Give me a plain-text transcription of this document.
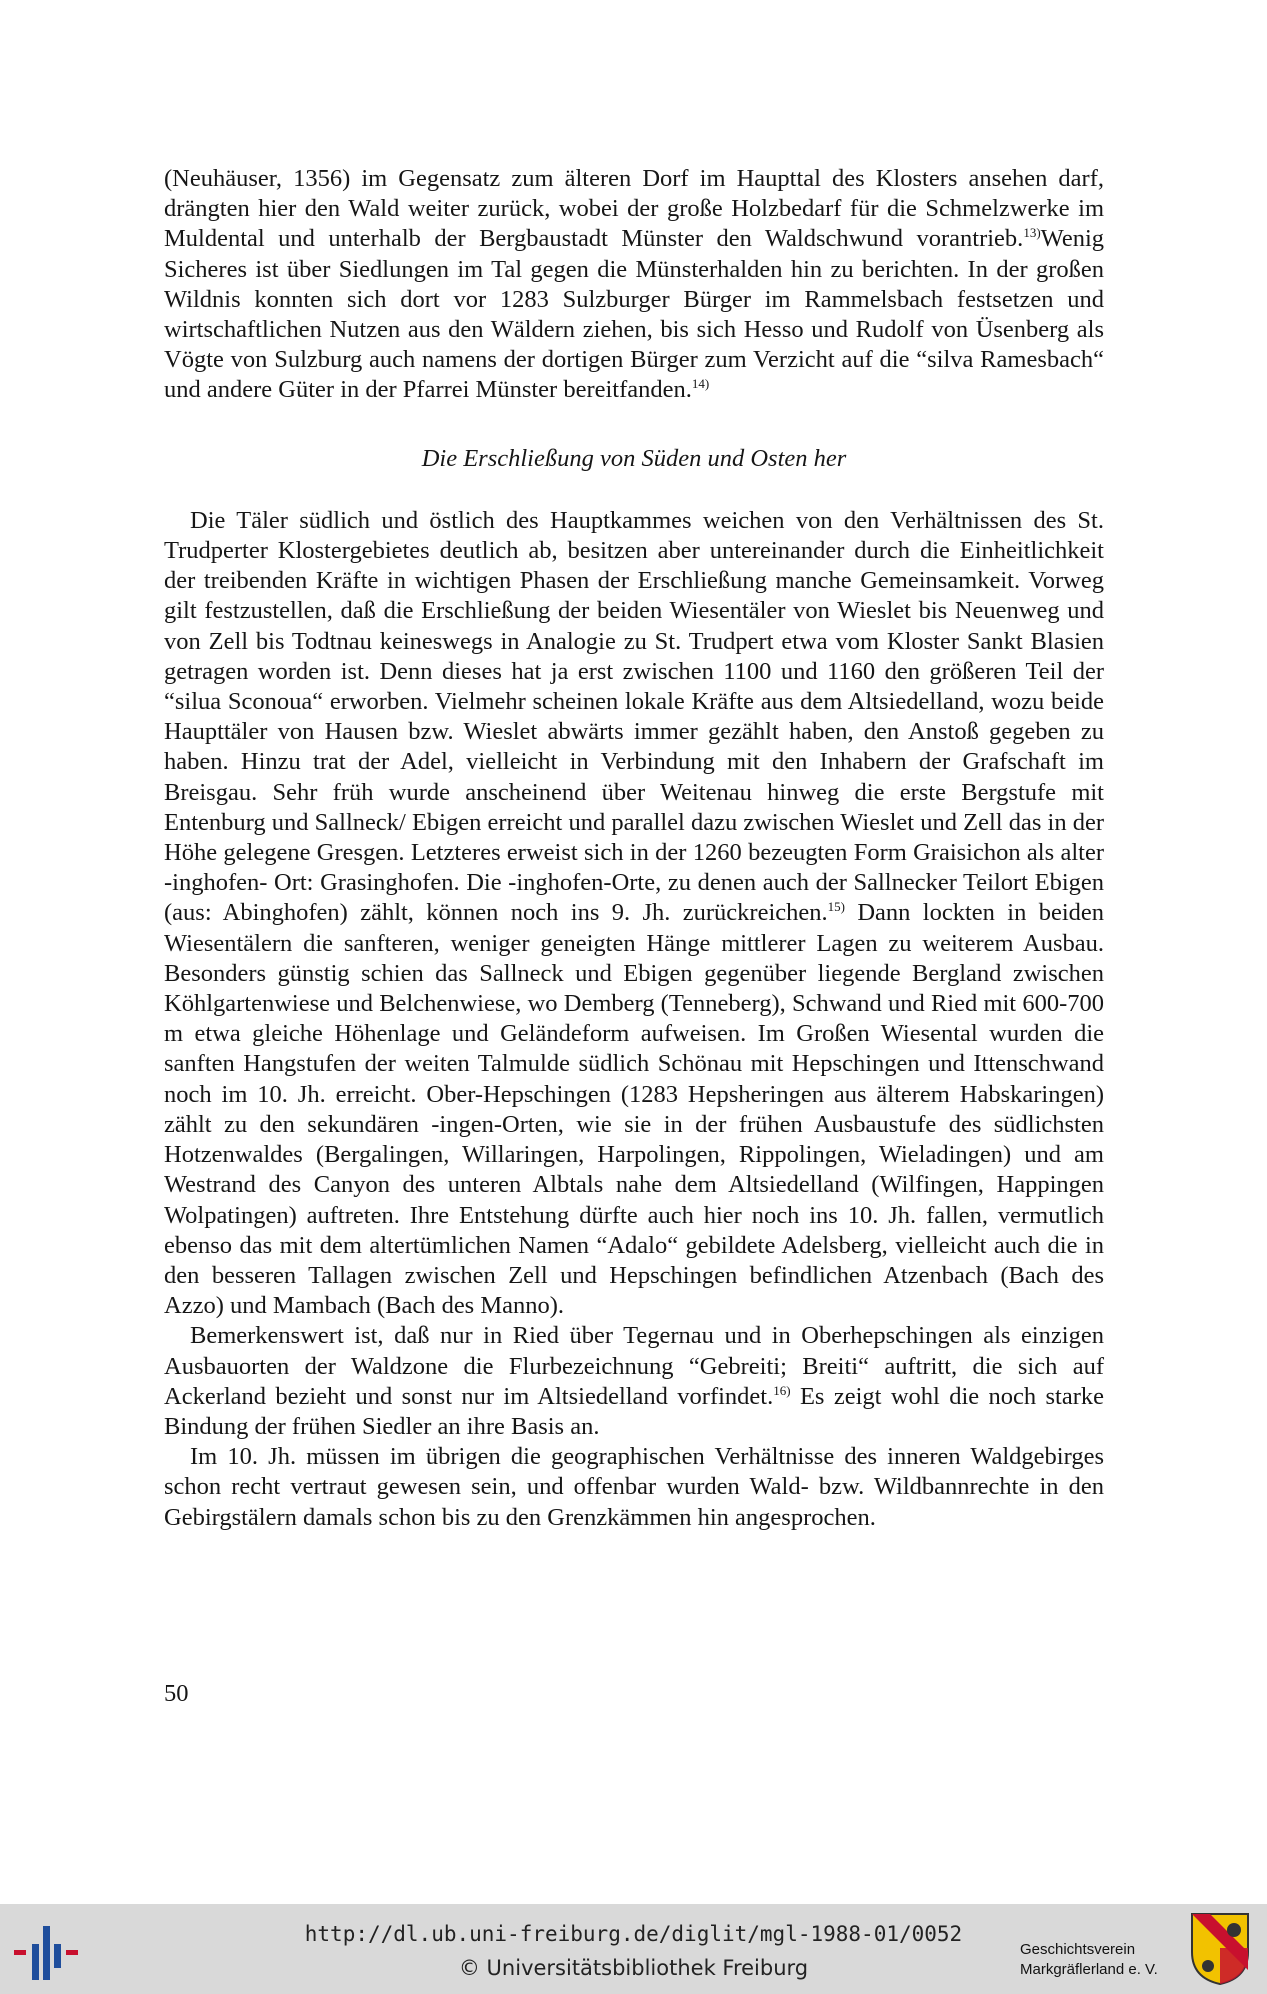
(Neuhäuser, 1356) im Gegensatz zum älteren Dorf im Haupttal des Klosters ansehen darf, drängten hier den Wald weiter zurück, wobei der große Holzbedarf für die Schmelzwerke im Muldental und unterhalb der Bergbaustadt Münster den Waldschwund vorantrieb.$^{13)}$Wenig Sicheres ist über Siedlungen im Tal gegen die Münsterhalden hin zu berichten. In der großen Wildnis konnten sich dort vor 1283 Sulzburger Bürger im Rammelsbach festsetzen und wirtschaftlichen Nutzen aus den Wäldern ziehen, bis sich Hesso und Rudolf von Üsenberg als Vögte von Sulzburg auch namens der dortigen Bürger zum Verzicht auf die “silva Ramesbach“ und andere Güter in der Pfarrei Münster bereitfanden.$^{14)}$

Die Erschließung von Süden und Osten her

Die Täler südlich und östlich des Hauptkammes weichen von den Verhältnissen des St. Trudperter Klostergebietes deutlich ab, besitzen aber untereinander durch die Einheitlichkeit der treibenden Kräfte in wichtigen Phasen der Erschließung manche Gemeinsamkeit. Vorweg gilt festzustellen, daß die Erschließung der beiden Wiesentäler von Wieslet bis Neuenweg und von Zell bis Todtnau keineswegs in Analogie zu St. Trudpert etwa vom Kloster Sankt Blasien getragen worden ist. Denn dieses hat ja erst zwischen 1100 und 1160 den größeren Teil der “silua Sconoua“ erworben. Vielmehr scheinen lokale Kräfte aus dem Altsiedelland, wozu beide Haupttäler von Hausen bzw. Wieslet abwärts immer gezählt haben, den Anstoß gegeben zu haben. Hinzu trat der Adel, vielleicht in Verbindung mit den Inhabern der Grafschaft im Breisgau. Sehr früh wurde anscheinend über Weitenau hinweg die erste Bergstufe mit Entenburg und Sallneck/ Ebigen erreicht und parallel dazu zwischen Wieslet und Zell das in der Höhe gelegene Gresgen. Letzteres erweist sich in der 1260 bezeugten Form Graisichon als alter -inghofen- Ort: Grasinghofen. Die -inghofen-Orte, zu denen auch der Sallnecker Teilort Ebigen (aus: Abinghofen) zählt, können noch ins 9. Jh. zurückreichen.$^{15)}$ Dann lockten in beiden Wiesentälern die sanfteren, weniger geneigten Hänge mittlerer Lagen zu weiterem Ausbau. Besonders günstig schien das Sallneck und Ebigen gegenüber liegende Bergland zwischen Köhlgartenwiese und Belchenwiese, wo Demberg (Tenneberg), Schwand und Ried mit 600-700 m etwa gleiche Höhenlage und Geländeform aufweisen. Im Großen Wiesental wurden die sanften Hangstufen der weiten Talmulde südlich Schönau mit Hepschingen und Ittenschwand noch im 10. Jh. erreicht. Ober-Hepschingen (1283 Hepsheringen aus älterem Habskaringen) zählt zu den sekundären -ingen-Orten, wie sie in der frühen Ausbaustufe des südlichsten Hotzenwaldes (Bergalingen, Willaringen, Harpolingen, Rippolingen, Wieladingen) und am Westrand des Canyon des unteren Albtals nahe dem Altsiedelland (Wilfingen, Happingen Wolpatingen) auftreten. Ihre Entstehung dürfte auch hier noch ins 10. Jh. fallen, vermutlich ebenso das mit dem altertümlichen Namen “Adalo“ gebildete Adelsberg, vielleicht auch die in den besseren Tallagen zwischen Zell und Hepschingen befindlichen Atzenbach (Bach des Azzo) und Mambach (Bach des Manno).

Bemerkenswert ist, daß nur in Ried über Tegernau und in Oberhepschingen als einzigen Ausbauorten der Waldzone die Flurbezeichnung “Gebreiti; Breiti“ auftritt, die sich auf Ackerland bezieht und sonst nur im Altsiedelland vorfindet.$^{16)}$ Es zeigt wohl die noch starke Bindung der frühen Siedler an ihre Basis an.

Im 10. Jh. müssen im übrigen die geographischen Verhältnisse des inneren Waldgebirges schon recht vertraut gewesen sein, und offenbar wurden Wald- bzw. Wildbannrechte in den Gebirgstälern damals schon bis zu den Grenzkämmen hin angesprochen.

50
http://dl.ub.uni-freiburg.de/diglit/mgl-1988-01/0052
© Universitätsbibliothek Freiburg
Geschichtsverein
Markgräflerland e. V.
